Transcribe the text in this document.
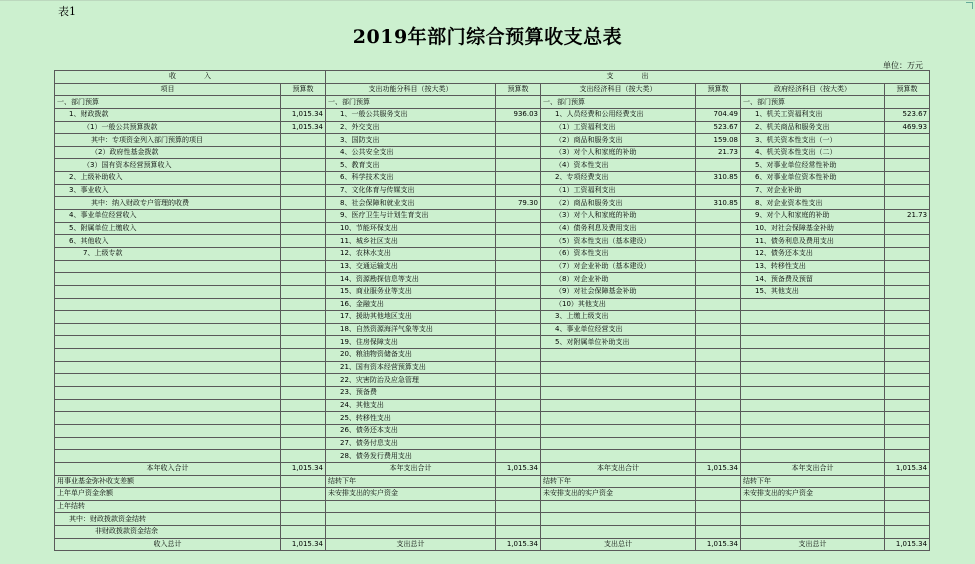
表1
2019年部门综合预算收支总表
单位：万元
收　　　　入		支　　　　出					
项目	预算数	支出功能分科目（按大类）	预算数	支出经济科目（按大类）	预算数	政府经济科目（按大类）	预算数
一、部门预算		一、部门预算		一、部门预算		一、部门预算	
1、财政拨款	1,015.34	1、一般公共服务支出	936.03	1、人员经费和公用经费支出	704.49	1、机关工资福利支出	523.67
（1）一般公共预算拨款	1,015.34	2、外交支出		（1）工资福利支出	523.67	2、机关商品和服务支出	469.93
其中：专项资金列入部门预算的项目		3、国防支出		（2）商品和服务支出	159.08	3、机关资本性支出（一）	
（2）政府性基金拨款		4、公共安全支出		（3）对个人和家庭的补助	21.73	4、机关资本性支出（二）	
（3）国有资本经营预算收入		5、教育支出		（4）资本性支出		5、对事业单位经常性补助	
2、上级补助收入		6、科学技术支出		2、专项经费支出	310.85	6、对事业单位资本性补助	
3、事业收入		7、文化体育与传媒支出		（1）工资福利支出		7、对企业补助	
其中：纳入财政专户管理的收费		8、社会保障和就业支出	79.30	（2）商品和服务支出	310.85	8、对企业资本性支出	
4、事业单位经营收入		9、医疗卫生与计划生育支出		（3）对个人和家庭的补助		9、对个人和家庭的补助	21.73
5、附属单位上缴收入		10、节能环保支出		（4）债务利息及费用支出		10、对社会保障基金补助	
6、其他收入		11、城乡社区支出		（5）资本性支出（基本建设）		11、债务利息及费用支出	
7、上级专款		12、农林水支出		（6）资本性支出		12、债务还本支出	
		13、交通运输支出		（7）对企业补助（基本建设）		13、转移性支出	
		14、资源勘探信息等支出		（8）对企业补助		14、预备费及预留	
		15、商业服务业等支出		（9）对社会保障基金补助		15、其他支出	
		16、金融支出		（10）其他支出			
		17、援助其他地区支出		3、上缴上级支出			
		18、自然资源海洋气象等支出		4、事业单位经营支出			
		19、住房保障支出		5、对附属单位补助支出			
		20、粮油物资储备支出					
		21、国有资本经营预算支出					
		22、灾害防治及应急管理					
		23、预备费					
		24、其他支出					
		25、转移性支出					
		26、债务还本支出					
		27、债务付息支出					
		28、债务发行费用支出					
本年收入合计	1,015.34	本年支出合计	1,015.34	本年支出合计	1,015.34	本年支出合计	1,015.34
用事业基金弥补收支差额		结转下年		结转下年		结转下年	
上年单户资金余额		未安排支出的实户资金		未安排支出的实户资金		未安排支出的实户资金	
上年结转							
其中：财政拨款资金结转							
非财政拨款资金结余							
收入总计	1,015.34	支出总计	1,015.34	支出总计	1,015.34	支出总计	1,015.34
